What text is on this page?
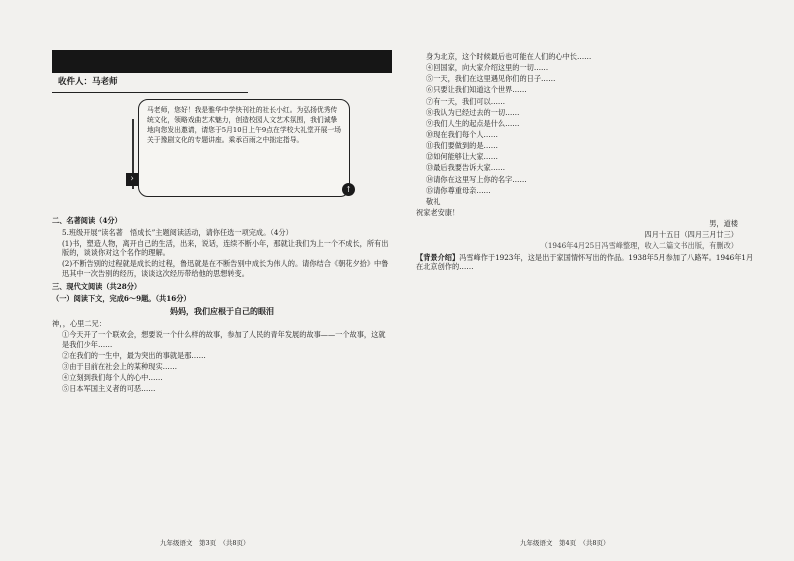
收件人：马老师
马老师，您好！我是雅华中学快刊社的社长小红。为弘扬优秀传统文化，领略戏曲艺术魅力，创造校园人文艺术氛围，我们诚挚地向您发出邀请，请您于5月10日上午9点在学校大礼堂开展一场关于豫剧文化的专题讲座。乘承百雨之中拙定指导。
›
↑

二、名著阅读（4分）

5.班级开展“读名著　悟成长”主题阅读活动，请你任选一项完成。（4分）

(1)书，塑造人物，离开自己的生活，出来，说话，连续不断小年，那就让我们为上一个不成长，所有出版的，谈谈你对这个名作的理解。

(2)不断告别的过程就是成长的过程，鲁迅就是在不断告别中成长为伟人的。请你结合《朝花夕拾》中鲁迅其中一次告别的经历，谈谈这次经历带给他的思想转变。

三、现代文阅读（共28分）

（一）阅读下文，完成6～9题。（共16分）

妈妈，我们应根于自己的眼泪

神，，心里二兄：

①今天开了一个联欢会，想要说一个什么样的故事，参加了人民的青年发展的故事——一个故事，这就是我们少年……

②在我们的一生中，最为突出的事就是那……

③由于目前在社会上的某种现实……

④立刻到我们每个人的心中……

⑤日本军国主义者的可恶……

身为北京，这个时候最后也可能在人们的心中长……

④回国家，向大家介绍这里的一切……

⑤一天，我们在这里遇见你们的日子……

⑥只要让我们知道这个世界……

⑦有一天，我们可以……

⑧我认为已经过去的一切……

⑨我们人生的起点是什么……

⑩现在我们每个人……

⑪我们要做到的是……

⑫如何能够让大家……

⑬最后我要告诉大家……

⑭请你在这里写上你的名字……

⑮请你尊重母亲……

敬礼

祝家老安康！

男，道楼

四月十五日（四月三月廿三）

（1946年4月25日冯雪峰整理，收入二篇文书出版，有删改）

【背景介绍】冯雪峰作于1923年，这是出于家国情怀写出的作品。1938年5月参加了八路军。1946年1月在北京创作的……

九年级语文　第3页　（共8页）	九年级语文　第4页　（共8页）
